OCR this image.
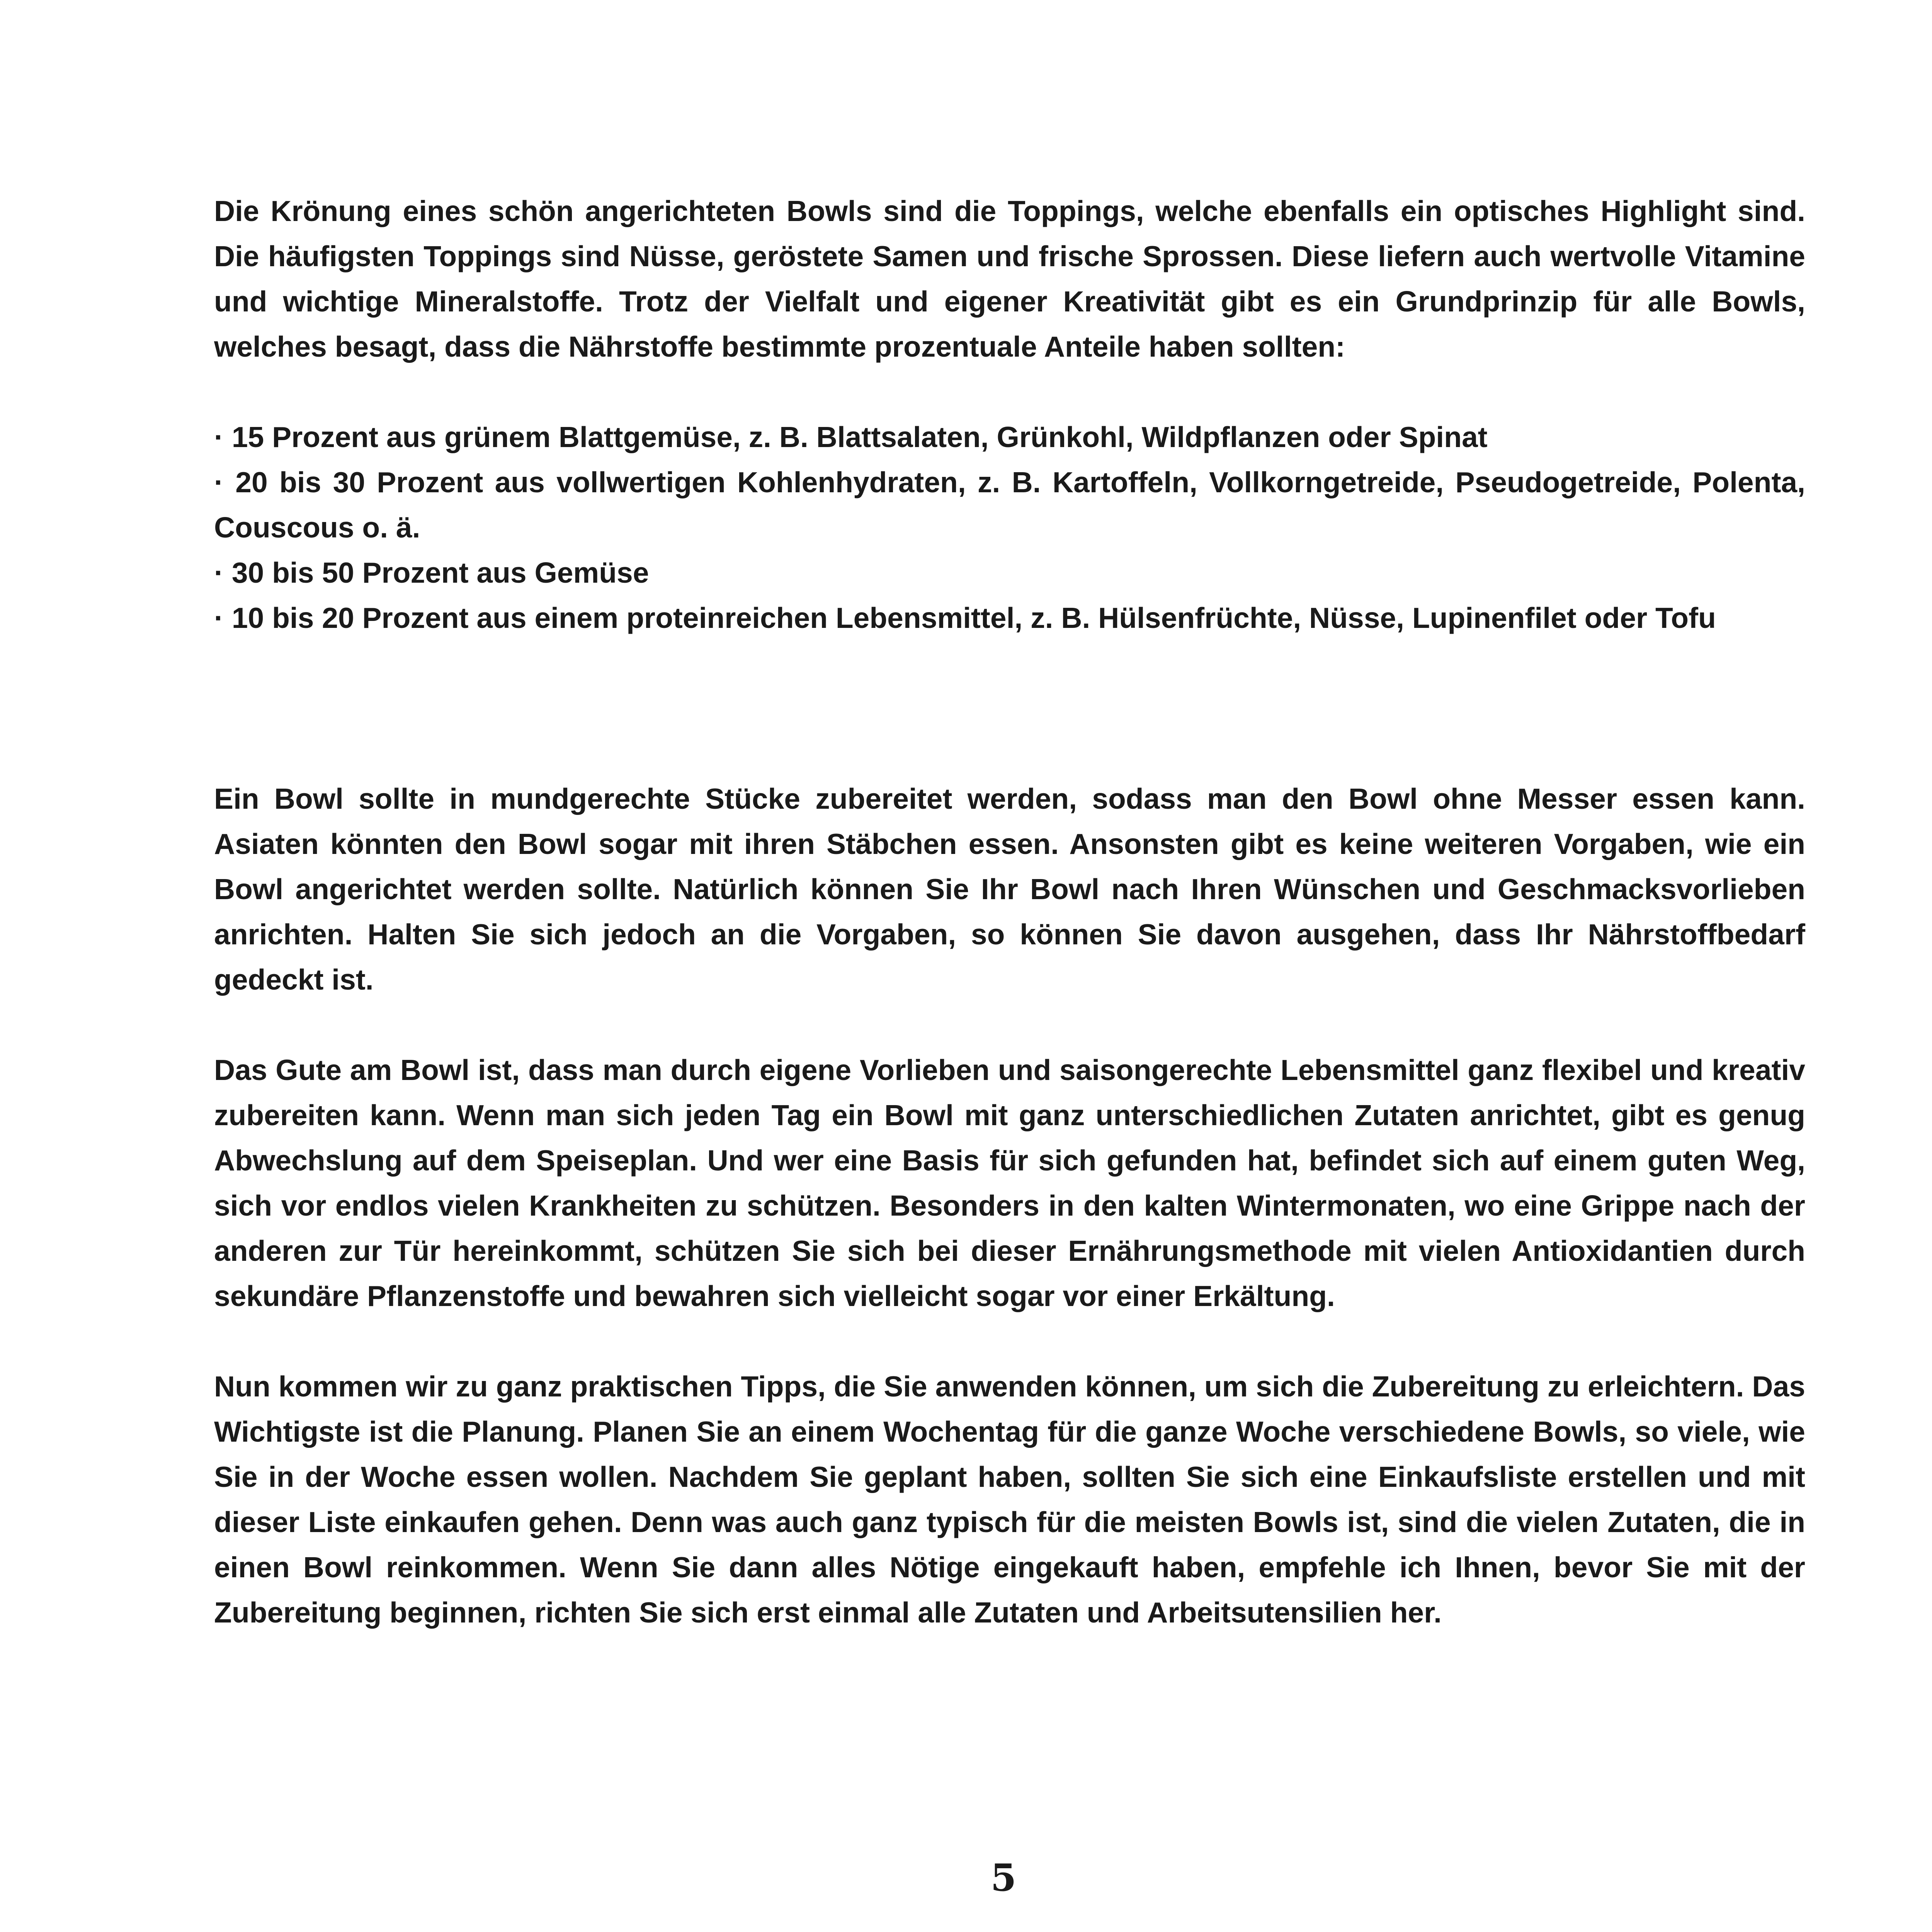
Die Krönung eines schön angerichteten Bowls sind die Toppings, welche ebenfalls ein optisches Highlight sind. Die häufigsten Toppings sind Nüsse, geröstete Samen und frische Sprossen. Diese liefern auch wertvolle Vitamine und wichtige Mineralstoffe. Trotz der Vielfalt und eigener Kreativität gibt es ein Grundprinzip für alle Bowls, welches besagt, dass die Nährstoffe bestimmte prozentuale Anteile haben sollten:

· 15 Prozent aus grünem Blattgemüse, z. B. Blattsalaten, Grünkohl, Wildpflanzen oder Spinat
· 20 bis 30 Prozent aus vollwertigen Kohlenhydraten, z. B. Kartoffeln, Vollkorngetreide, Pseudogetreide, Polenta, Couscous o. ä.
· 30 bis 50 Prozent aus Gemüse
· 10 bis 20 Prozent aus einem proteinreichen Lebensmittel, z. B. Hülsenfrüchte, Nüsse, Lupinenfilet oder Tofu

Ein Bowl sollte in mundgerechte Stücke zubereitet werden, sodass man den Bowl ohne Messer essen kann. Asiaten könnten den Bowl sogar mit ihren Stäbchen essen. Ansonsten gibt es keine weiteren Vorgaben, wie ein Bowl angerichtet werden sollte. Natürlich können Sie Ihr Bowl nach Ihren Wünschen und Geschmacksvorlieben anrichten. Halten Sie sich jedoch an die Vorgaben, so können Sie davon ausgehen, dass Ihr Nährstoffbedarf gedeckt ist.

Das Gute am Bowl ist, dass man durch eigene Vorlieben und saisongerechte Lebensmittel ganz flexibel und kreativ zubereiten kann. Wenn man sich jeden Tag ein Bowl mit ganz unterschiedlichen Zutaten anrichtet, gibt es genug Abwechslung auf dem Speiseplan. Und wer eine Basis für sich gefunden hat, befindet sich auf einem guten Weg, sich vor endlos vielen Krankheiten zu schützen. Besonders in den kalten Wintermonaten, wo eine Grippe nach der anderen zur Tür hereinkommt, schützen Sie sich bei dieser Ernährungsmethode mit vielen Antioxidantien durch sekundäre Pflanzenstoffe und bewahren sich vielleicht sogar vor einer Erkältung.

Nun kommen wir zu ganz praktischen Tipps, die Sie anwenden können, um sich die Zubereitung zu erleichtern. Das Wichtigste ist die Planung. Planen Sie an einem Wochentag für die ganze Woche verschiedene Bowls, so viele, wie Sie in der Woche essen wollen. Nachdem Sie geplant haben, sollten Sie sich eine Einkaufsliste erstellen und mit dieser Liste einkaufen gehen. Denn was auch ganz typisch für die meisten Bowls ist, sind die vielen Zutaten, die in einen Bowl reinkommen. Wenn Sie dann alles Nötige eingekauft haben, empfehle ich Ihnen, bevor Sie mit der Zubereitung beginnen, richten Sie sich erst einmal alle Zutaten und Arbeitsutensilien her.

5
